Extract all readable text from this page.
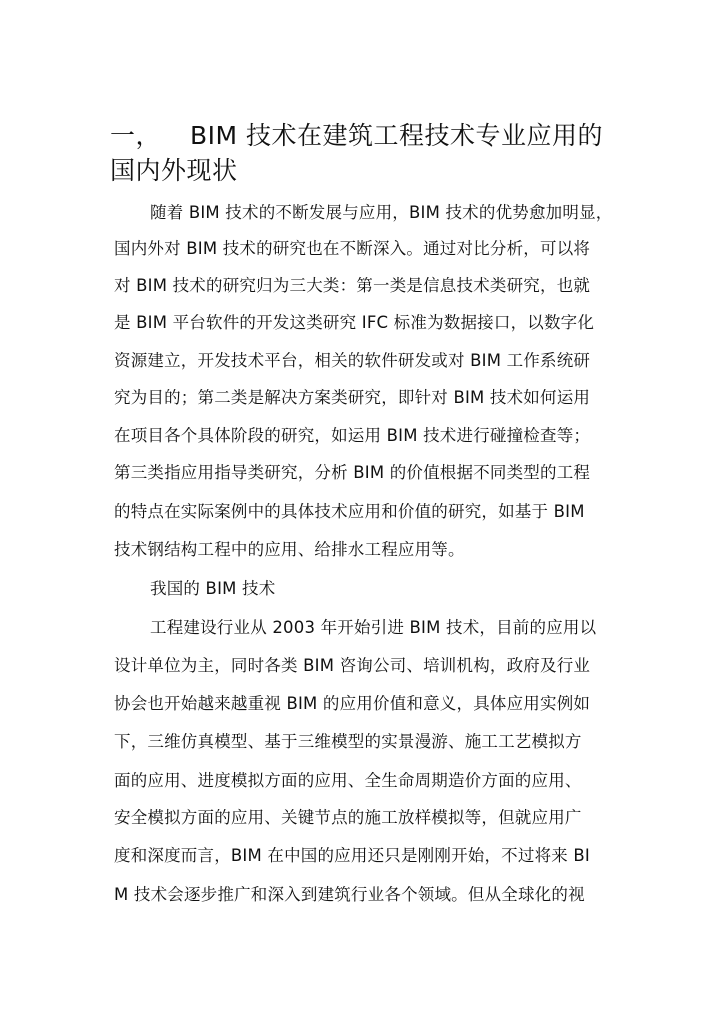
一， BIM 技术在建筑工程技术专业应用的
国内外现状
随着 BIM 技术的不断发展与应用，BIM 技术的优势愈加明显，
国内外对 BIM 技术的研究也在不断深入。通过对比分析，可以将
对 BIM 技术的研究归为三大类：第一类是信息技术类研究，也就
是 BIM 平台软件的开发这类研究 IFC 标准为数据接口，以数字化
资源建立，开发技术平台，相关的软件研发或对 BIM 工作系统研
究为目的；第二类是解决方案类研究，即针对 BIM 技术如何运用
在项目各个具体阶段的研究，如运用 BIM 技术进行碰撞检查等；
第三类指应用指导类研究，分析 BIM 的价值根据不同类型的工程
的特点在实际案例中的具体技术应用和价值的研究，如基于 BIM
技术钢结构工程中的应用、给排水工程应用等。
我国的 BIM 技术
工程建设行业从 2003 年开始引进 BIM 技术，目前的应用以
设计单位为主，同时各类 BIM 咨询公司、培训机构，政府及行业
协会也开始越来越重视 BIM 的应用价值和意义，具体应用实例如
下，三维仿真模型、基于三维模型的实景漫游、施工工艺模拟方
面的应用、进度模拟方面的应用、全生命周期造价方面的应用、
安全模拟方面的应用、关键节点的施工放样模拟等，但就应用广
度和深度而言，BIM 在中国的应用还只是刚刚开始，不过将来 BI
M 技术会逐步推广和深入到建筑行业各个领域。但从全球化的视
